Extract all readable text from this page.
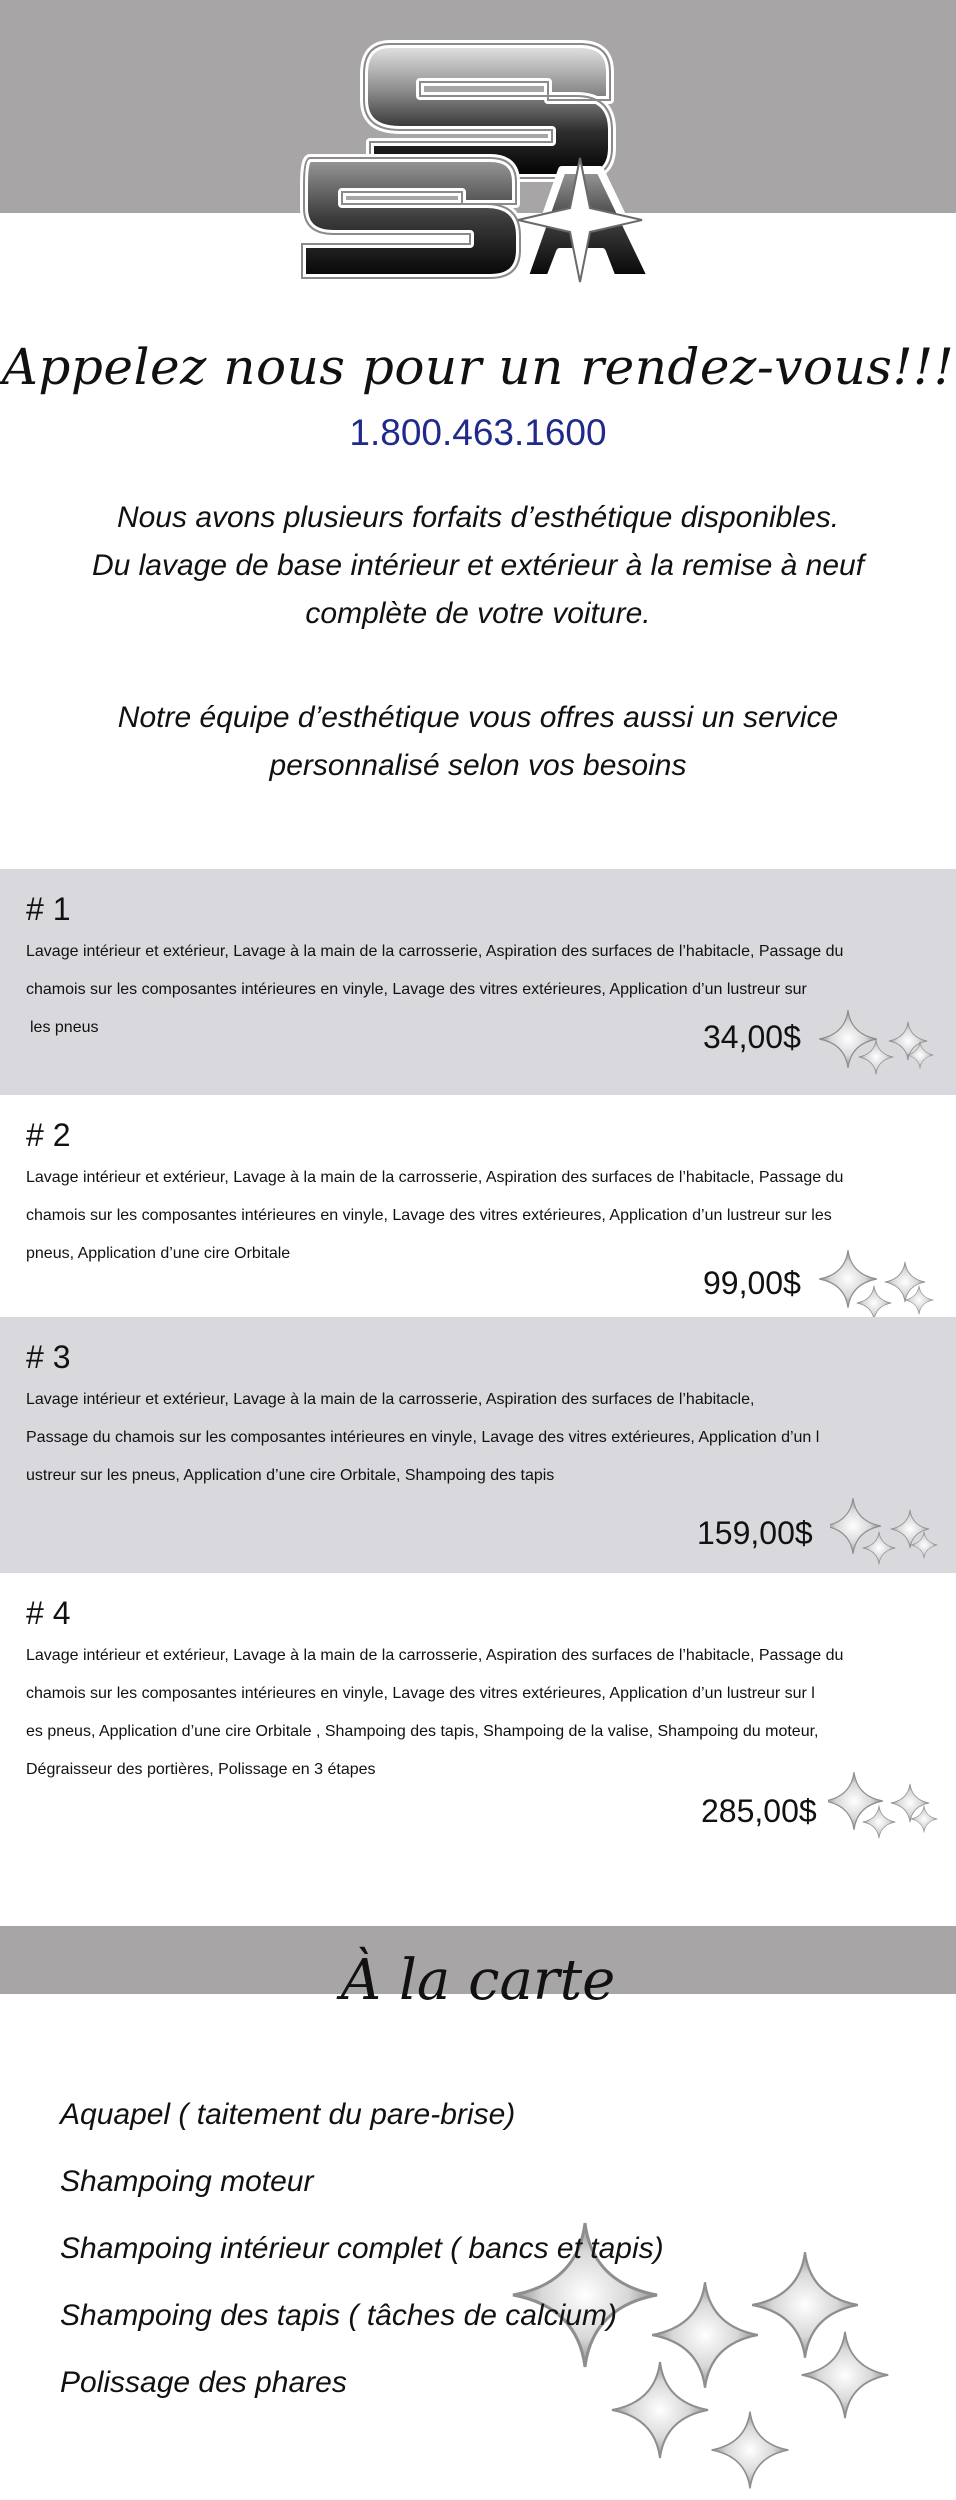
Appelez nous pour un rendez-vous!!!
1.800.463.1600
Nous avons plusieurs forfaits d’esthétique disponibles.
Du lavage de base intérieur et extérieur à la remise à neuf
complète de votre voiture.
Notre équipe d’esthétique vous offres aussi un service
personnalisé selon vos besoins
# 1
Lavage intérieur et extérieur, Lavage à la main de la carrosserie, Aspiration des surfaces de l’habitacle, Passage du
chamois sur les composantes intérieures en vinyle, Lavage des vitres extérieures, Application d’un lustreur sur
les pneus	34,00$
# 2
Lavage intérieur et extérieur, Lavage à la main de la carrosserie, Aspiration des surfaces de l’habitacle, Passage du
chamois sur les composantes intérieures en vinyle, Lavage des vitres extérieures, Application d’un lustreur sur les
pneus, Application d’une cire Orbitale
99,00$
# 3
Lavage intérieur et extérieur, Lavage à la main de la carrosserie, Aspiration des surfaces de l’habitacle,
Passage du chamois sur les composantes intérieures en vinyle, Lavage des vitres extérieures, Application d’un l
ustreur sur les pneus, Application d’une cire Orbitale, Shampoing des tapis
159,00$
# 4
Lavage intérieur et extérieur, Lavage à la main de la carrosserie, Aspiration des surfaces de l’habitacle, Passage du
chamois sur les composantes intérieures en vinyle, Lavage des vitres extérieures, Application d’un lustreur sur l
es pneus, Application d’une cire Orbitale , Shampoing des tapis, Shampoing de la valise, Shampoing du moteur,
Dégraisseur des portières, Polissage en 3 étapes
285,00$
À la carte
Aquapel ( taitement du pare-brise)
Shampoing moteur
Shampoing intérieur complet ( bancs et tapis)
Shampoing des tapis ( tâches de calcium)
Polissage des phares
